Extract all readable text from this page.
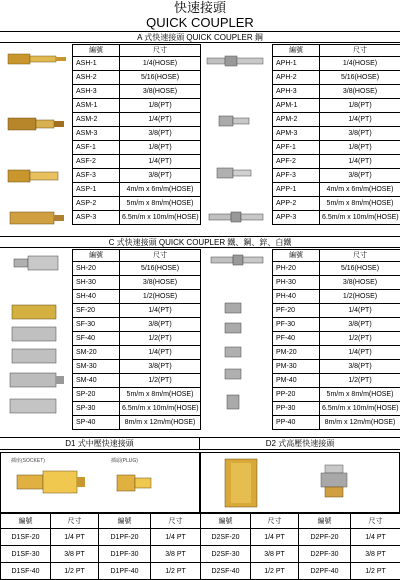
快速接頭
QUICK COUPLER
A 式快速接頭 QUICK COUPLER 鋼
編號	尺寸
ASH-1	1/4(HOSE)
ASH-2	5/16(HOSE)
ASH-3	3/8(HOSE)
ASM-1	1/8(PT)
ASM-2	1/4(PT)
ASM-3	3/8(PT)
ASF-1	1/8(PT)
ASF-2	1/4(PT)
ASF-3	3/8(PT)
ASP-1	4m/m x 6m/m(HOSE)
ASP-2	5m/m x 8m/m(HOSE)
ASP-3	6.5m/m x 10m/m(HOSE)
編號	尺寸
APH-1	1/4(HOSE)
APH-2	5/16(HOSE)
APH-3	3/8(HOSE)
APM-1	1/8(PT)
APM-2	1/4(PT)
APM-3	3/8(PT)
APF-1	1/8(PT)
APF-2	1/4(PT)
APF-3	3/8(PT)
APP-1	4m/m x 6m/m(HOSE)
APP-2	5m/m x 8m/m(HOSE)
APP-3	6.5m/m x 10m/m(HOSE)
C 式快速接頭 QUICK COUPLER 鐵、鋼、鋅、白鐵
編號	尺寸
SH-20	5/16(HOSE)
SH-30	3/8(HOSE)
SH-40	1/2(HOSE)
SF-20	1/4(PT)
SF-30	3/8(PT)
SF-40	1/2(PT)
SM-20	1/4(PT)
SM-30	3/8(PT)
SM-40	1/2(PT)
SP-20	5m/m x 8m/m(HOSE)
SP-30	6.5m/m x 10m/m(HOSE)
SP-40	8m/m x 12m/m(HOSE)
編號	尺寸
PH-20	5/16(HOSE)
PH-30	3/8(HOSE)
PH-40	1/2(HOSE)
PF-20	1/4(PT)
PF-30	3/8(PT)
PF-40	1/2(PT)
PM-20	1/4(PT)
PM-30	3/8(PT)
PM-40	1/2(PT)
PP-20	5m/m x 8m/m(HOSE)
PP-30	6.5m/m x 10m/m(HOSE)
PP-40	8m/m x 12m/m(HOSE)
D1 式中壓快速接頭	D2 式高壓快速接頭
插座(SOCKET)	插頭(PLUG)
編號	尺寸	編號	尺寸
D1SF-20	1/4 PT	D1PF-20	1/4 PT
D1SF-30	3/8 PT	D1PF-30	3/8 PT
D1SF-40	1/2 PT	D1PF-40	1/2 PT
編號	尺寸	編號	尺寸
D2SF-20	1/4 PT	D2PF-20	1/4 PT
D2SF-30	3/8 PT	D2PF-30	3/8 PT
D2SF-40	1/2 PT	D2PF-40	1/2 PT
